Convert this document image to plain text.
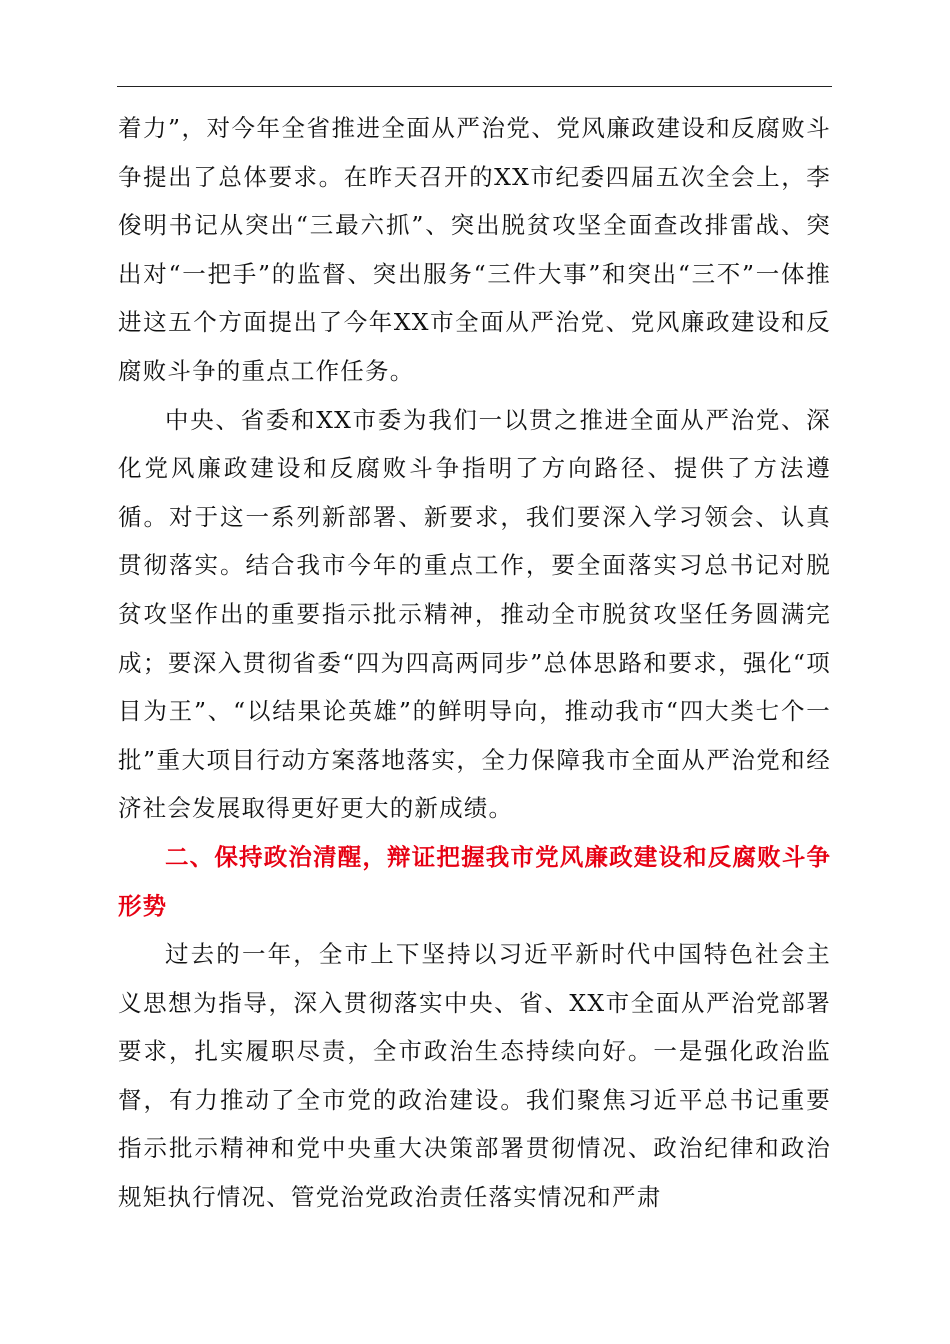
着力”，对今年全省推进全面从严治党、党风廉政建设和反腐败斗争提出了总体要求。在昨天召开的XX市纪委四届五次全会上，李俊明书记从突出“三最六抓”、突出脱贫攻坚全面查改排雷战、突出对“一把手”的监督、突出服务“三件大事”和突出“三不”一体推进这五个方面提出了今年XX市全面从严治党、党风廉政建设和反腐败斗争的重点工作任务。

中央、省委和XX市委为我们一以贯之推进全面从严治党、深化党风廉政建设和反腐败斗争指明了方向路径、提供了方法遵循。对于这一系列新部署、新要求，我们要深入学习领会、认真贯彻落实。结合我市今年的重点工作，要全面落实习总书记对脱贫攻坚作出的重要指示批示精神，推动全市脱贫攻坚任务圆满完成；要深入贯彻省委“四为四高两同步”总体思路和要求，强化“项目为王”、“以结果论英雄”的鲜明导向，推动我市“四大类七个一批”重大项目行动方案落地落实，全力保障我市全面从严治党和经济社会发展取得更好更大的新成绩。

二、保持政治清醒，辩证把握我市党风廉政建设和反腐败斗争形势

过去的一年，全市上下坚持以习近平新时代中国特色社会主义思想为指导，深入贯彻落实中央、省、XX市全面从严治党部署要求，扎实履职尽责，全市政治生态持续向好。一是强化政治监督，有力推动了全市党的政治建设。我们聚焦习近平总书记重要指示批示精神和党中央重大决策部署贯彻情况、政治纪律和政治规矩执行情况、管党治党政治责任落实情况和严肃
